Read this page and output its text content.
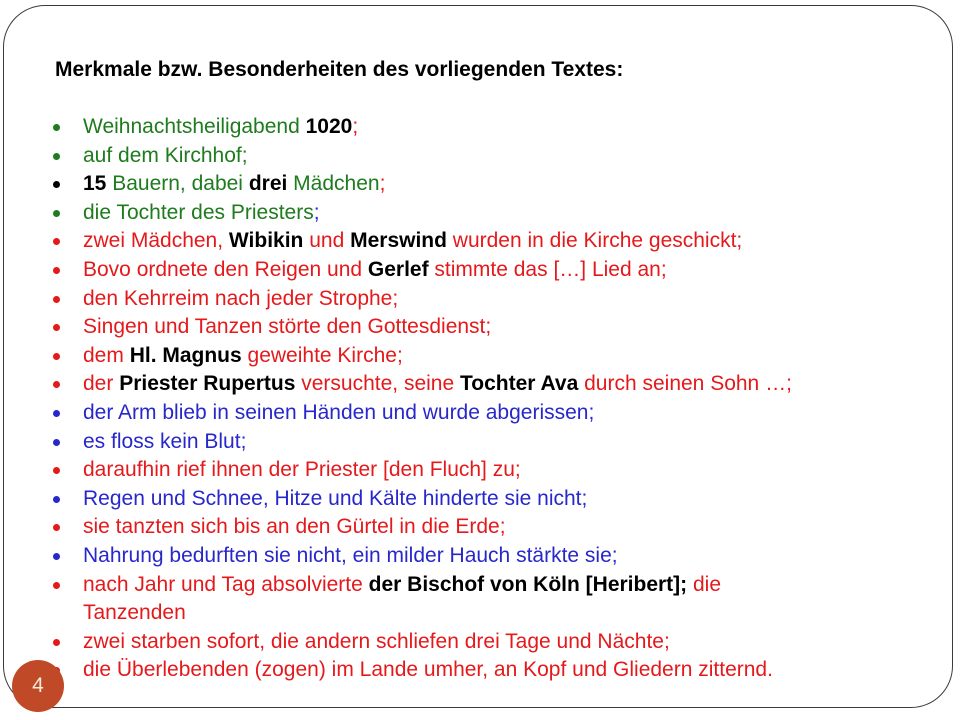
Merkmale bzw. Besonderheiten des vorliegenden Textes:
Weihnachtsheiligabend 1020;
auf dem Kirchhof;
15 Bauern, dabei drei Mädchen;
die Tochter des Priesters;
zwei Mädchen, Wibikin und Merswind wurden in die Kirche geschickt;
Bovo ordnete den Reigen und Gerlef stimmte das […] Lied an;
den Kehrreim nach jeder Strophe;
Singen und Tanzen störte den Gottesdienst;
dem Hl. Magnus geweihte Kirche;
der Priester Rupertus versuchte, seine Tochter Ava durch seinen Sohn …;
der Arm blieb in seinen Händen und wurde abgerissen;
es floss kein Blut;
daraufhin rief ihnen der Priester [den Fluch] zu;
Regen und Schnee, Hitze und Kälte hinderte sie nicht;
sie tanzten sich bis an den Gürtel in die Erde;
Nahrung bedurften sie nicht, ein milder Hauch stärkte sie;
nach Jahr und Tag absolvierte der Bischof von Köln [Heribert]; die
Tanzenden
zwei starben sofort, die andern schliefen drei Tage und Nächte;
die Überlebenden (zogen) im Lande umher, an Kopf und Gliedern zitternd.
4
